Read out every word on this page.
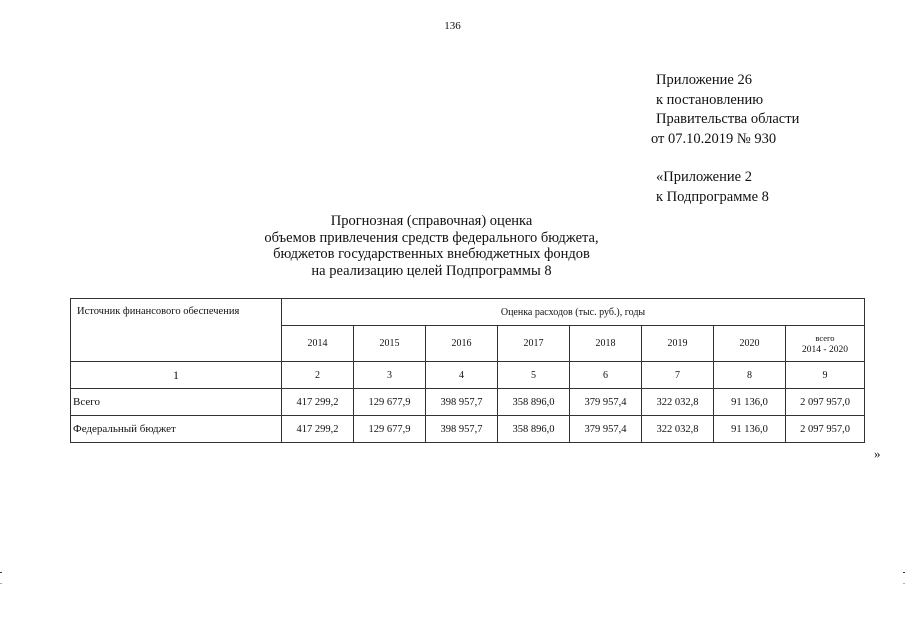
136
Приложение 26
к постановлению
Правительства области
от 07.10.2019 № 930
«Приложение 2
к Подпрограмме 8
Прогнозная (справочная) оценка
объемов привлечения средств федерального бюджета,
бюджетов государственных внебюджетных фондов
на реализацию целей Подпрограммы 8
Источник финансового обеспечения	Оценка расходов (тыс. руб.), годы							
	2014	2015	2016	2017	2018	2019	2020	всего
2014 - 2020

1	2	3	4	5	6	7	8	9
Всего	417 299,2	129 677,9	398 957,7	358 896,0	379 957,4	322 032,8	91 136,0	2 097 957,0
Федеральный бюджет	417 299,2	129 677,9	398 957,7	358 896,0	379 957,4	322 032,8	91 136,0	2 097 957,0
»
